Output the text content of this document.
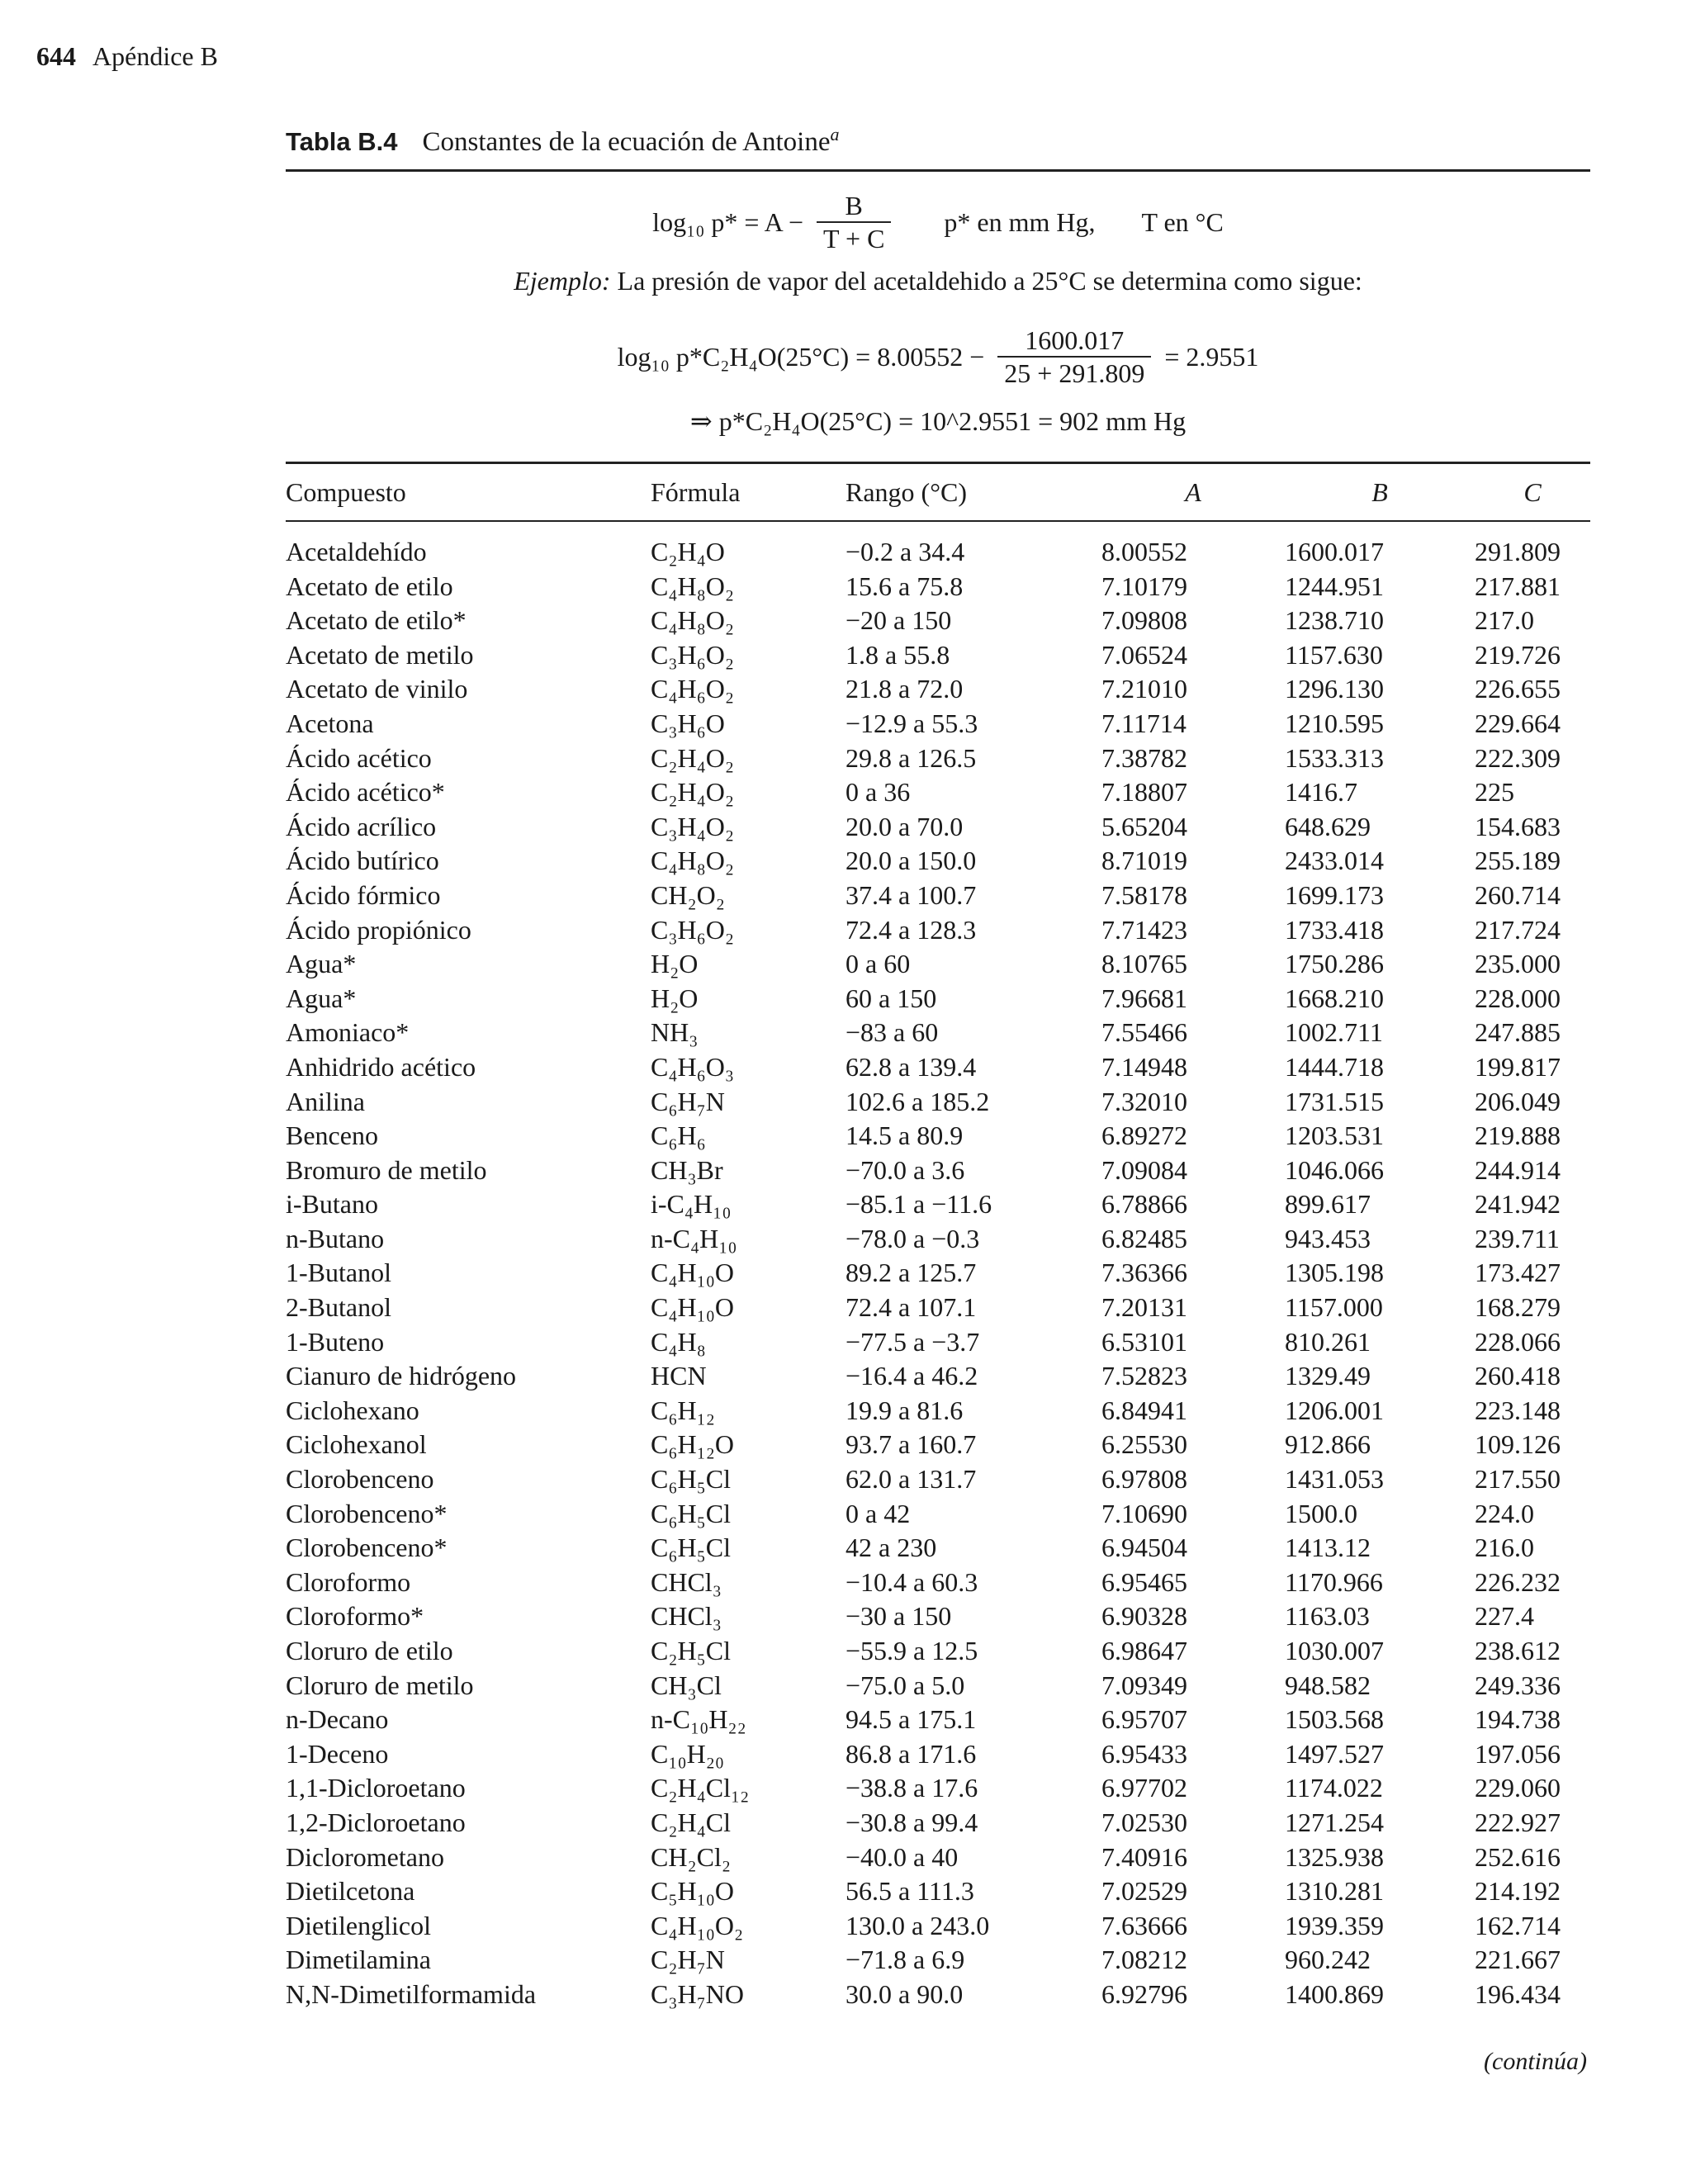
644 Apéndice B
Tabla B.4 Constantes de la ecuación de Antoine$^a$
log₁₀ $p* = A - \frac{B}{T + C} p*$ en mm Hg, T en °C
Ejemplo: La presión de vapor del acetaldehido a 25°C se determina como sigue:
log₁₀ $p*C_2H_4O(25^\circ C) = 8.00552 - \frac{1600.017}{25 + 291.809} = 2.9551$
⇒ p*C₂H₄O(25°C) = 10^2.9551 = 902 mm Hg
Compuesto	Fórmula	Rango (°C)	A	B	C
Acetaldehído	C₂H₄O	−0.2 a 34.4	8.00552	1600.017	291.809
Acetato de etilo	C₄H₈O₂	15.6 a 75.8	7.10179	1244.951	217.881
Acetato de etilo*	C₄H₈O₂	−20 a 150	7.09808	1238.710	217.0
Acetato de metilo	C₃H₆O₂	1.8 a 55.8	7.06524	1157.630	219.726
Acetato de vinilo	C₄H₆O₂	21.8 a 72.0	7.21010	1296.130	226.655
Acetona	C₃H₆O	−12.9 a 55.3	7.11714	1210.595	229.664
Ácido acético	C₂H₄O₂	29.8 a 126.5	7.38782	1533.313	222.309
Ácido acético*	C₂H₄O₂	0 a 36	7.18807	1416.7	225
Ácido acrílico	C₃H₄O₂	20.0 a 70.0	5.65204	648.629	154.683
Ácido butírico	C₄H₈O₂	20.0 a 150.0	8.71019	2433.014	255.189
Ácido fórmico	CH₂O₂	37.4 a 100.7	7.58178	1699.173	260.714
Ácido propiónico	C₃H₆O₂	72.4 a 128.3	7.71423	1733.418	217.724
Agua*	H₂O	0 a 60	8.10765	1750.286	235.000
Agua*	H₂O	60 a 150	7.96681	1668.210	228.000
Amoniaco*	NH₃	−83 a 60	7.55466	1002.711	247.885
Anhidrido acético	C₄H₆O₃	62.8 a 139.4	7.14948	1444.718	199.817
Anilina	C₆H₇N	102.6 a 185.2	7.32010	1731.515	206.049
Benceno	C₆H₆	14.5 a 80.9	6.89272	1203.531	219.888
Bromuro de metilo	CH₃Br	−70.0 a 3.6	7.09084	1046.066	244.914
i-Butano	i-C₄H₁₀	−85.1 a −11.6	6.78866	899.617	241.942
n-Butano	n-C₄H₁₀	−78.0 a −0.3	6.82485	943.453	239.711
1-Butanol	C₄H₁₀O	89.2 a 125.7	7.36366	1305.198	173.427
2-Butanol	C₄H₁₀O	72.4 a 107.1	7.20131	1157.000	168.279
1-Buteno	C₄H₈	−77.5 a −3.7	6.53101	810.261	228.066
Cianuro de hidrógeno	HCN	−16.4 a 46.2	7.52823	1329.49	260.418
Ciclohexano	C₆H₁₂	19.9 a 81.6	6.84941	1206.001	223.148
Ciclohexanol	C₆H₁₂O	93.7 a 160.7	6.25530	912.866	109.126
Clorobenceno	C₆H₅Cl	62.0 a 131.7	6.97808	1431.053	217.550
Clorobenceno*	C₆H₅Cl	0 a 42	7.10690	1500.0	224.0
Clorobenceno*	C₆H₅Cl	42 a 230	6.94504	1413.12	216.0
Cloroformo	CHCl₃	−10.4 a 60.3	6.95465	1170.966	226.232
Cloroformo*	CHCl₃	−30 a 150	6.90328	1163.03	227.4
Cloruro de etilo	C₂H₅Cl	−55.9 a 12.5	6.98647	1030.007	238.612
Cloruro de metilo	CH₃Cl	−75.0 a 5.0	7.09349	948.582	249.336
n-Decano	n-C₁₀H₂₂	94.5 a 175.1	6.95707	1503.568	194.738
1-Deceno	C₁₀H₂₀	86.8 a 171.6	6.95433	1497.527	197.056
1,1-Dicloroetano	C₂H₄Cl₁₂	−38.8 a 17.6	6.97702	1174.022	229.060
1,2-Dicloroetano	C₂H₄Cl	−30.8 a 99.4	7.02530	1271.254	222.927
Diclorometano	CH₂Cl₂	−40.0 a 40	7.40916	1325.938	252.616
Dietilcetona	C₅H₁₀O	56.5 a 111.3	7.02529	1310.281	214.192
Dietilenglicol	C₄H₁₀O₂	130.0 a 243.0	7.63666	1939.359	162.714
Dimetilamina	C₂H₇N	−71.8 a 6.9	7.08212	960.242	221.667
N,N-Dimetilformamida	C₃H₇NO	30.0 a 90.0	6.92796	1400.869	196.434
(continúa)
